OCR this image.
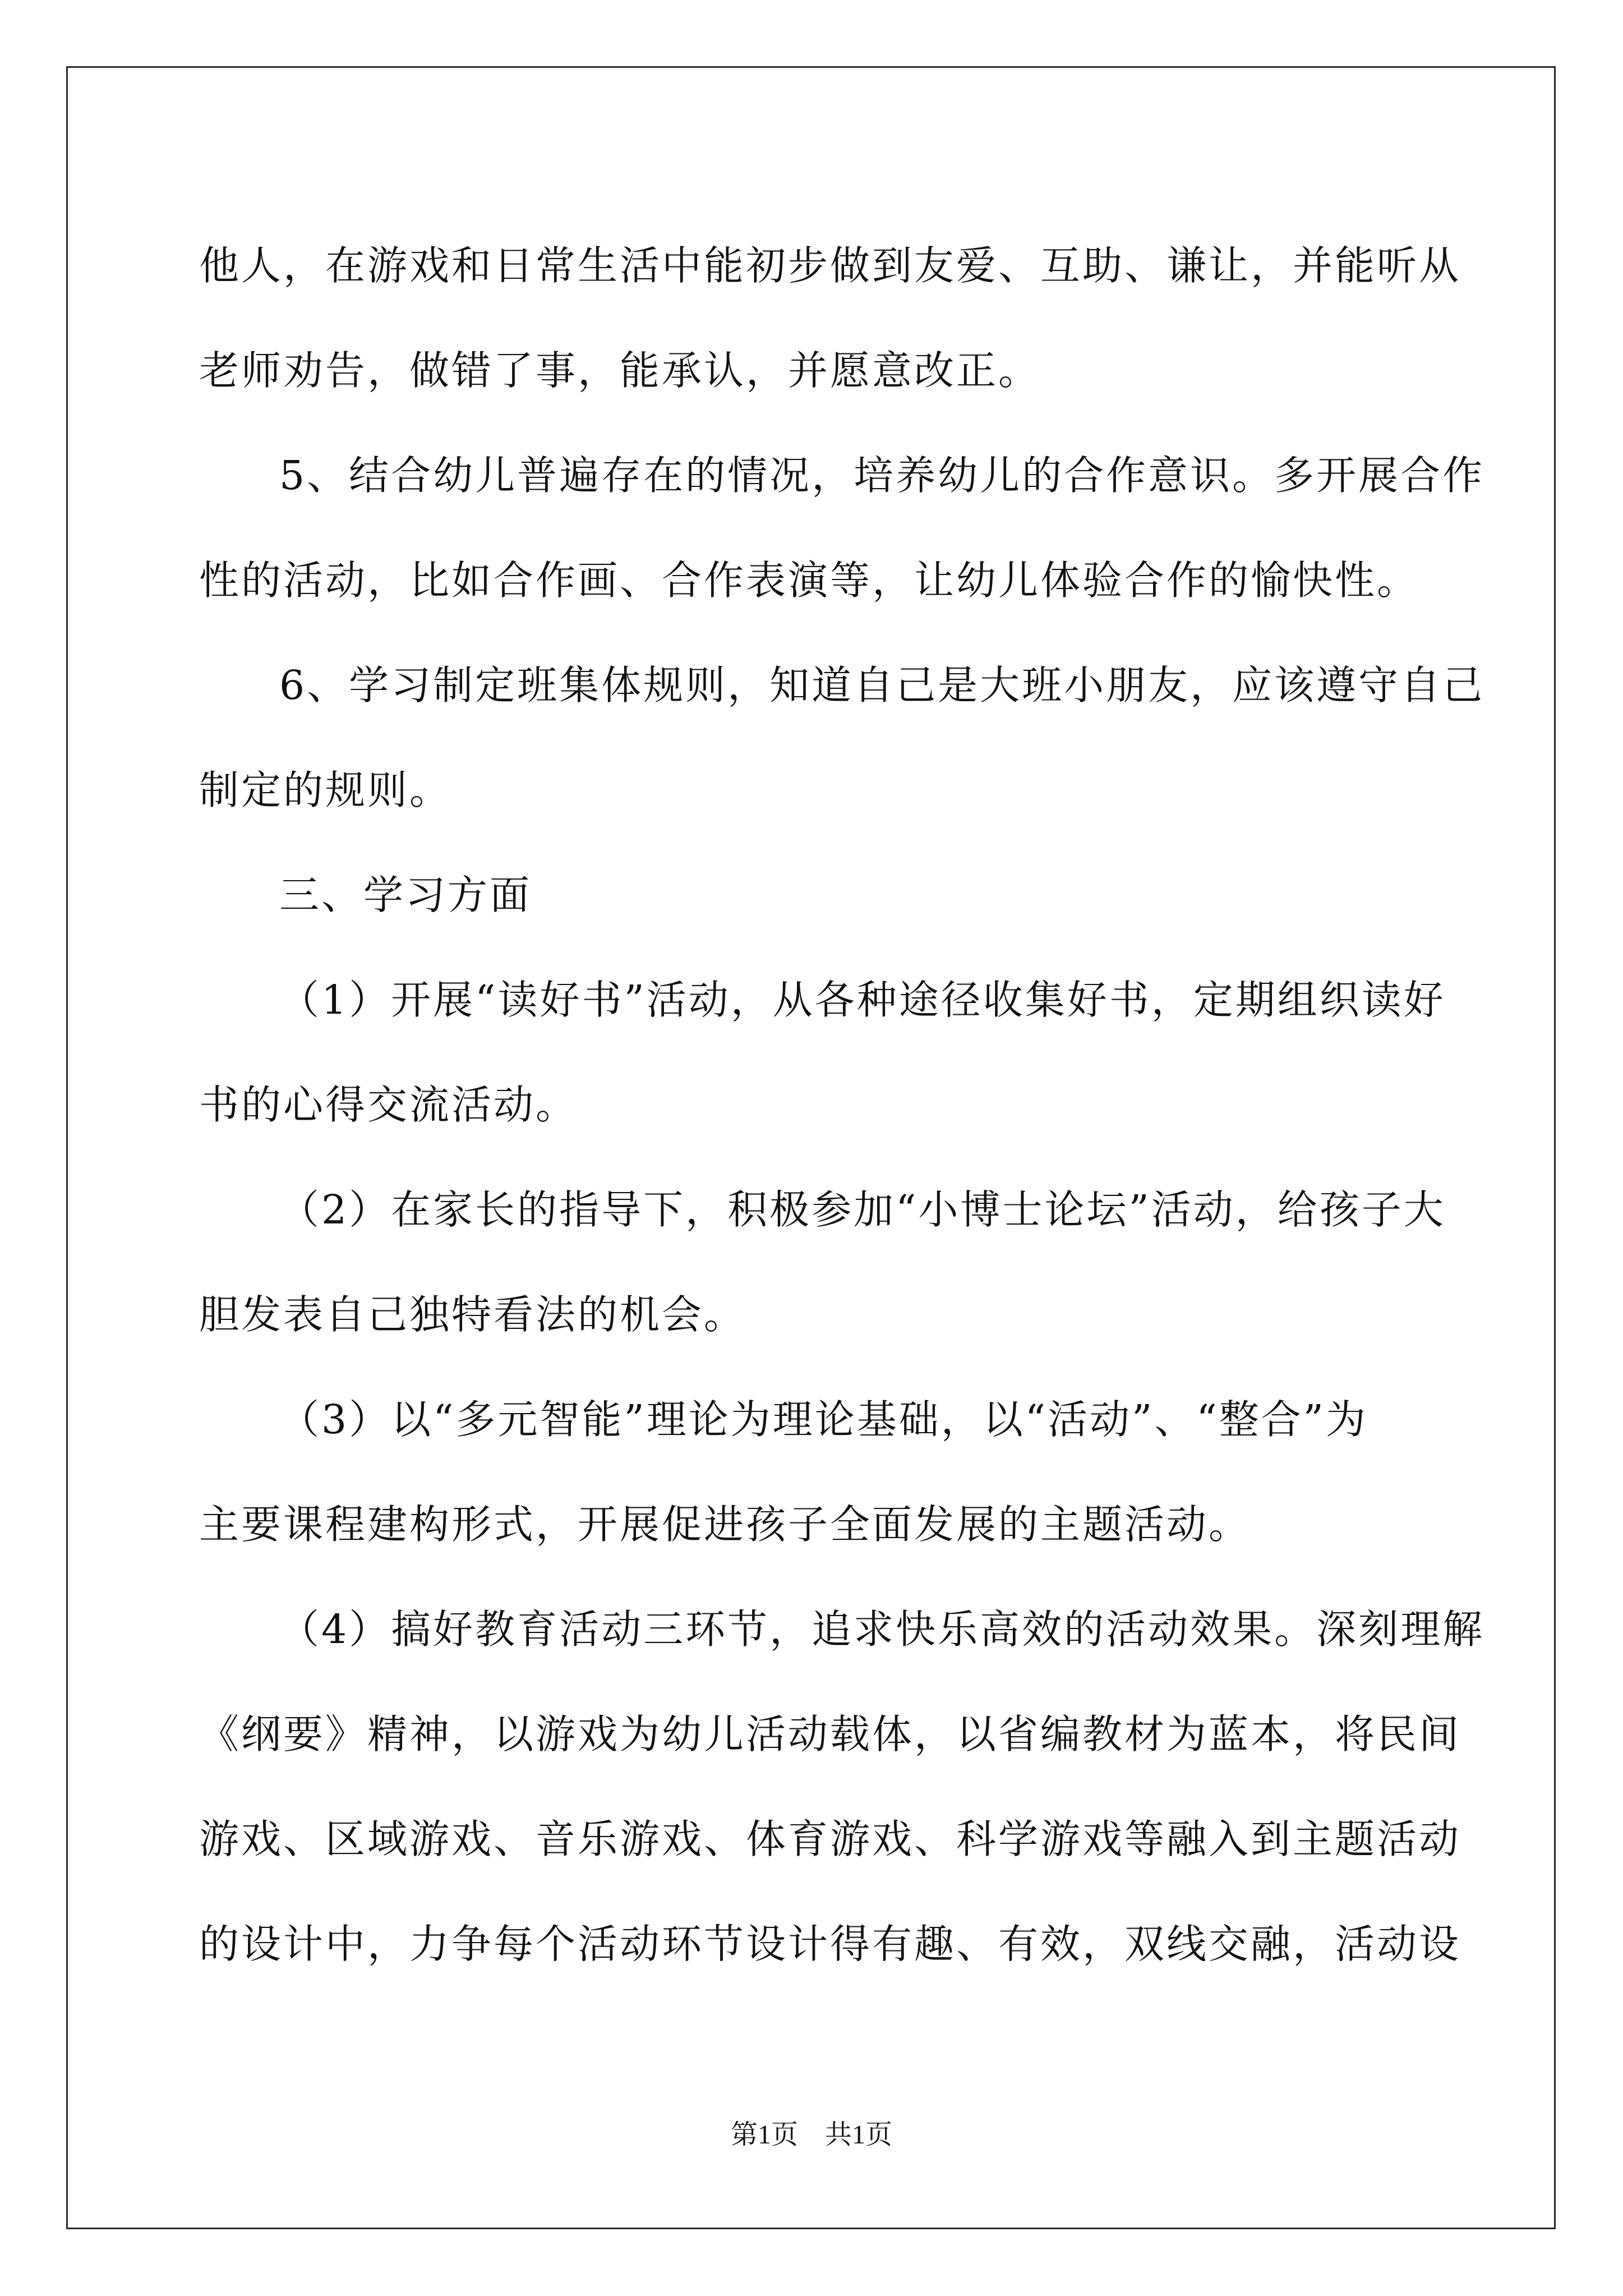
他人，在游戏和日常生活中能初步做到友爱、互助、谦让，并能听从
老师劝告，做错了事，能承认，并愿意改正。
5、结合幼儿普遍存在的情况，培养幼儿的合作意识。多开展合作
性的活动，比如合作画、合作表演等，让幼儿体验合作的愉快性。
6、学习制定班集体规则，知道自己是大班小朋友，应该遵守自己
制定的规则。
三、学习方面
（1）开展“读好书”活动，从各种途径收集好书，定期组织读好
书的心得交流活动。
（2）在家长的指导下，积极参加“小博士论坛”活动，给孩子大
胆发表自己独特看法的机会。
（3）以“多元智能”理论为理论基础，以“活动”、“整合”为
主要课程建构形式，开展促进孩子全面发展的主题活动。
（4）搞好教育活动三环节，追求快乐高效的活动效果。深刻理解
《纲要》精神，以游戏为幼儿活动载体，以省编教材为蓝本，将民间
游戏、区域游戏、音乐游戏、体育游戏、科学游戏等融入到主题活动
的设计中，力争每个活动环节设计得有趣、有效，双线交融，活动设
第1页　共1页
